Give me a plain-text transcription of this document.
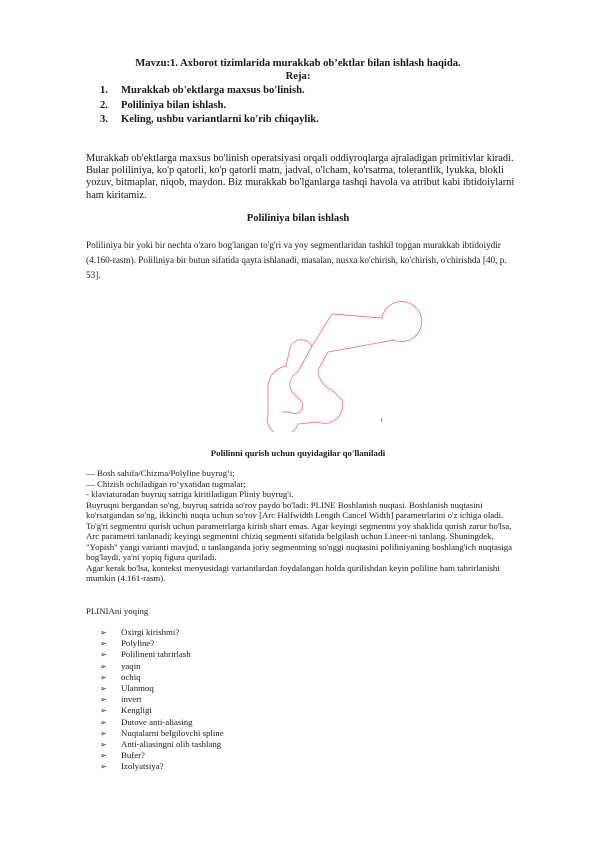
Mavzu:1. Axborot tizimlarida murakkab ob’ektlar bilan ishlash haqida.
Reja:
1. Murakkab ob'ektlarga maxsus bo'linish.
2. Poliliniya bilan ishlash.
3. Keling, ushbu variantlarni ko'rib chiqaylik.

Murakkab ob'ektlarga maxsus bo'linish operatsiyasi orqali oddiyroqlarga ajraladigan primitivlar kiradi. Bular poliliniya, ko'p qatorli, ko'p qatorli matn, jadval, o'lcham, ko'rsatma, tolerantlik, lyukka, blokli yozuv, bitmaplar, niqob, maydon. Biz murakkab bo'lganlarga tashqi havola va atribut kabi ibtidoiylarni ham kiritamiz.

Poliliniya bilan ishlash

Poliliniya bir yoki bir nechta o'zaro bog'langan to'g'ri va yoy segmentlaridan tashkil topgan murakkab ibtidoiydir (4.160-rasm). Poliliniya bir butun sifatida qayta ishlanadi, masalan, nusxa ko'chirish, ko'chirish, o'chirishda [40, p. 53].

Polilinni qurish uchun quyidagilar qo'llaniladi
— Bosh sahifa/Chizma/Polyline buyrug‘i;
— Chizish ochiladigan ro‘yxatidan tugmalar;
- klaviaturadan buyruq satriga kiritiladigan Pliniy buyrug'i.
Buyruqni bergandan so'ng, buyruq satrida so'rov paydo bo'ladi: PLINE Boshlanish nuqtasi. Boshlanish nuqtasini ko'rsatgandan so'ng, ikkinchi nuqta uchun so'rov [Arc Halfwidth Length Cancel Width] parametrlarini o'z ichiga oladi. To'g'ri segmentni qurish uchun parametrlarga kirish shart emas. Agar keyingi segmentni yoy shaklida qurish zarur bo'lsa, Arc parametri tanlanadi; keyingi segmentni chiziq segmenti sifatida belgilash uchun Lineer-ni tanlang. Shuningdek, "Yopish" yangi varianti mavjud, u tanlanganda joriy segmentning so'nggi nuqtasini poliliniyaning boshlang'ich nuqtasiga bog'laydi, ya'ni yopiq figura quriladi.
Agar kerak bo'lsa, kontekst menyusidagi variantlardan foydalangan holda qurilishdan keyin poliline ham tahrirlanishi mumkin (4.161-rasm).
PLINIAni yoqing
➢ Oxirgi kirishmi?
➢ Polyline?
➢ Polilineni tahrirlash
➢ yaqin
➢ ochiq
➢ Ulanmoq
➢ invert
➢ Kengligi
➢ Dutove anti-aliasing
➢ Nuqtalarni belgilovchi spline
➢ Anti-aliasingni olib tashlang
➢ Bufer?
➢ Izolyatsiya?
